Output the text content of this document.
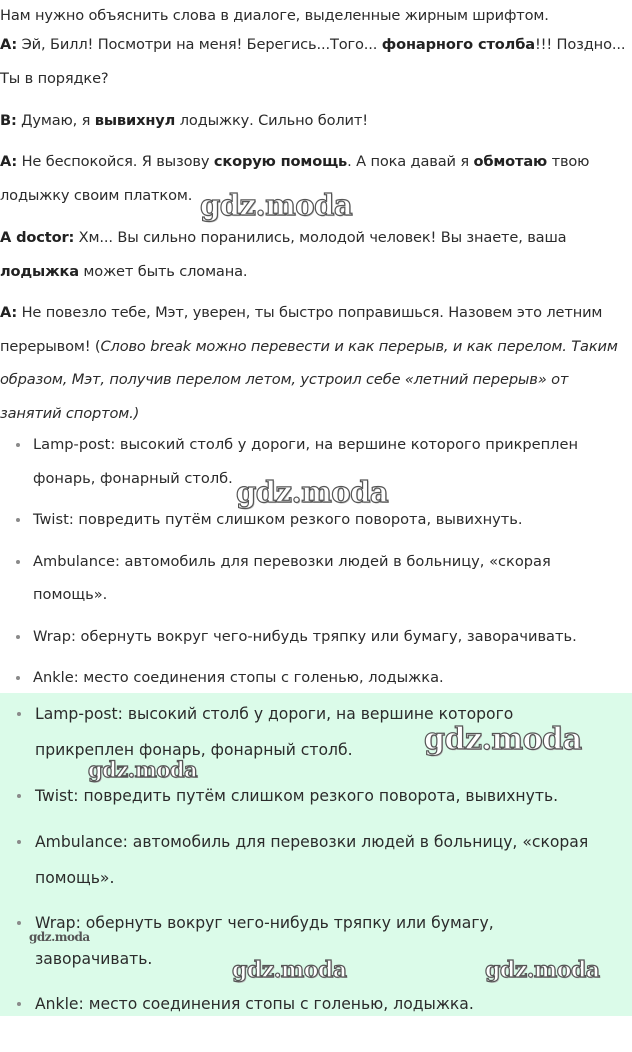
Нам нужно объяснить слова в диалоге, выделенные жирным шрифтом.

A: Эй, Билл! Посмотри на меня! Берегись...Того... фонарного столба!!! Поздно... Ты в порядке?

B: Думаю, я вывихнул лодыжку. Сильно болит!

A: Не беспокойся. Я вызову скорую помощь. А пока давай я обмотаю твою лодыжку своим платком.

A doctor: Хм... Вы сильно поранились, молодой человек! Вы знаете, ваша лодыжка может быть сломана.

A: Не повезло тебе, Мэт, уверен, ты быстро поправишься. Назовем это летним перерывом! (Слово break можно перевести и как перерыв, и как перелом. Таким образом, Мэт, получив перелом летом, устроил себе «летний перерыв» от занятий спортом.)

Lamp-post: высокий столб у дороги, на вершине которого прикреплен фонарь, фонарный столб.
Twist: повредить путём слишком резкого поворота, вывихнуть.
Ambulance: автомобиль для перевозки людей в больницу, «скорая помощь».
Wrap: обернуть вокруг чего-нибудь тряпку или бумагу, заворачивать.
Ankle: место соединения стопы с голенью, лодыжка.
Lamp-post: высокий столб у дороги, на вершине которого прикреплен фонарь, фонарный столб.
Twist: повредить путём слишком резкого поворота, вывихнуть.
Ambulance: автомобиль для перевозки людей в больницу, «скорая помощь».
Wrap: обернуть вокруг чего-нибудь тряпку или бумагу, заворачивать.
Ankle: место соединения стопы с голенью, лодыжка.
gdz.moda
gdz.moda
gdz.moda
gdz.moda
gdz.moda
gdz.moda	gdz.moda
